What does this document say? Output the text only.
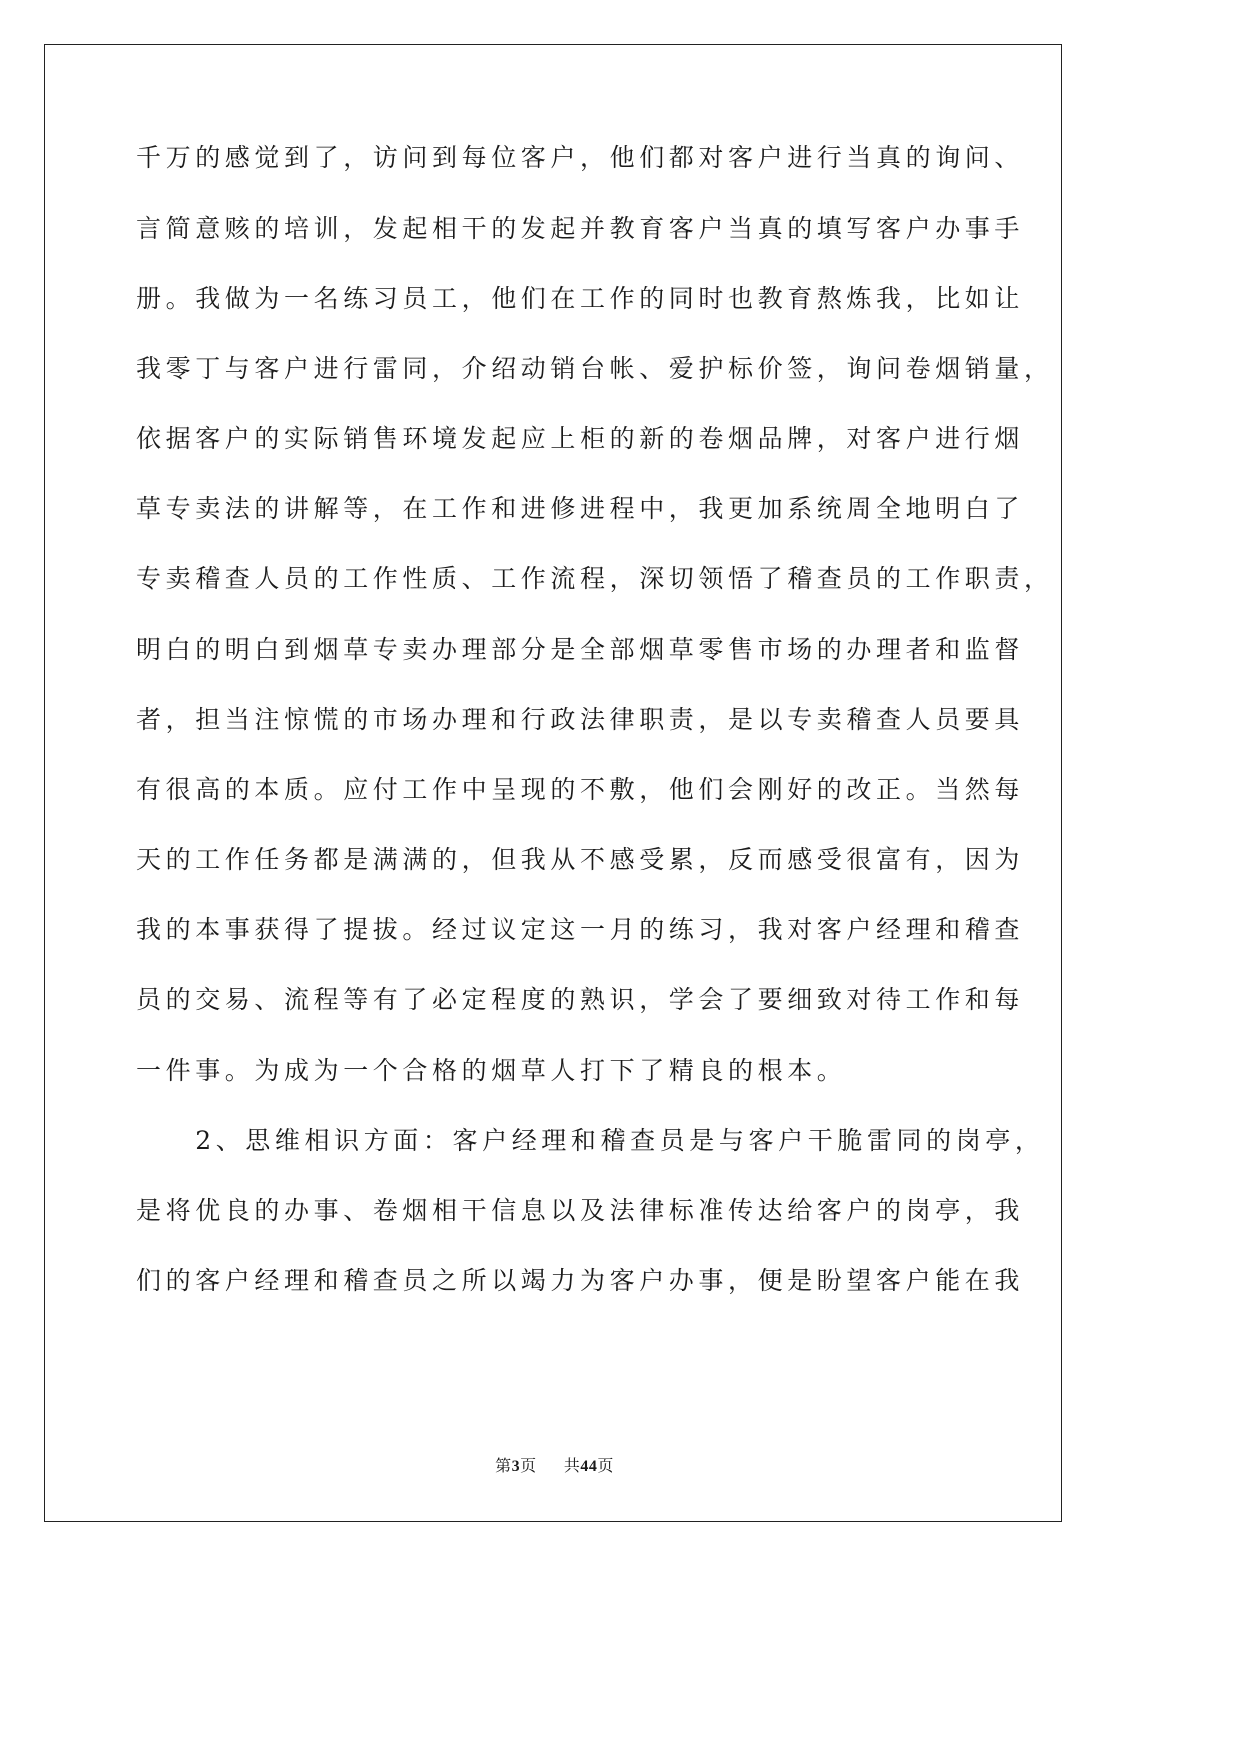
千万的感觉到了，访问到每位客户，他们都对客户进行当真的询问、
言简意赅的培训，发起相干的发起并教育客户当真的填写客户办事手
册。我做为一名练习员工，他们在工作的同时也教育熬炼我，比如让
我零丁与客户进行雷同，介绍动销台帐、爱护标价签，询问卷烟销量，
依据客户的实际销售环境发起应上柜的新的卷烟品牌，对客户进行烟
草专卖法的讲解等，在工作和进修进程中，我更加系统周全地明白了
专卖稽查人员的工作性质、工作流程，深切领悟了稽查员的工作职责，
明白的明白到烟草专卖办理部分是全部烟草零售市场的办理者和监督
者，担当注惊慌的市场办理和行政法律职责，是以专卖稽查人员要具
有很高的本质。应付工作中呈现的不敷，他们会刚好的改正。当然每
天的工作任务都是满满的，但我从不感受累，反而感受很富有，因为
我的本事获得了提拔。经过议定这一月的练习，我对客户经理和稽查
员的交易、流程等有了必定程度的熟识，学会了要细致对待工作和每
一件事。为成为一个合格的烟草人打下了精良的根本。
　　2、思维相识方面：客户经理和稽查员是与客户干脆雷同的岗亭，
是将优良的办事、卷烟相干信息以及法律标准传达给客户的岗亭，我
们的客户经理和稽查员之所以竭力为客户办事，便是盼望客户能在我
第3页 共44页
